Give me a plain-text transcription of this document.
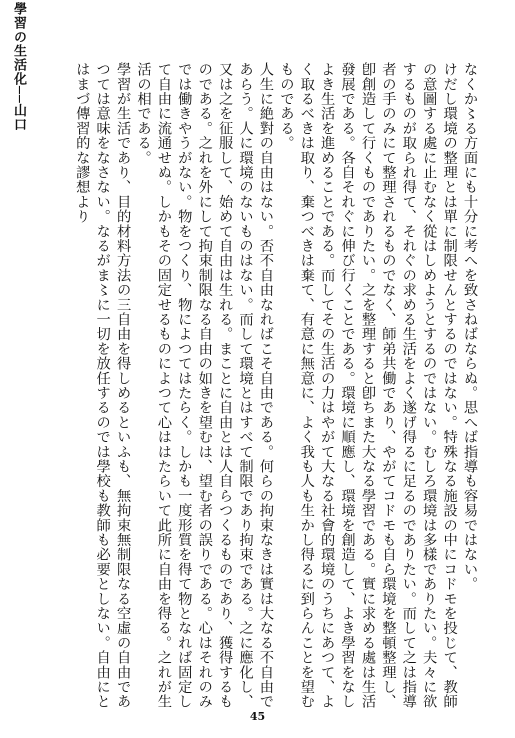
學習の生活化──山口	なくか〻る方面にも十分に考へを致さねばならぬ。思へば指導も容易ではない。

けだし環境の整理とは單に制限せんとするのではない。特殊なる施設の中にコドモを投じて、教師の意圖する處に止むなく從はしめようとするのではない。むしろ環境は多樣でありたい。夫々に欲するものが取られ得て、それぐの求める生活をよく遂げ得るに足るのでありたい。而して之は指導者の手のみにて整理されるものでなく、師弟共働であり、やがてコドモも自ら環境を整頓整理し、卽創造して行くものでありたい。之を整理すると卽ちまた大なる學習である。實に求める處は生活發展である。各自それぐに伸び行くことである。環境に順應し、環境を創造して、よき學習をなしよき生活を進めることである。而してその生活の力はやがて大なる社會的環境のうちにあつて、よく取るべきは取り、棄つべきは棄て、有意に無意に、よく我も人も生かし得るに到らんことを望むものである。

人生に絶對の自由はない。否不自由なればこそ自由である。何らの拘束なきは實は大なる不自由であらう。人に環境のないものはない。而して環境とはすべて制限であり拘束である。之に應化し、又は之を征服して、始めて自由は生れる。まことに自由とは人自らつくるものであり、獲得するものである。之れを外にして拘束制限なる自由の如きを望むは、望む者の誤りである。心はそれのみでは働きやうがない。物をつくり、物によつてはたらく。しかも一度形質を得て物となれば固定して自由に流通せぬ。しかもその固定せるものによつて心ははたらいて此所に自由を得る。之れが生活の相である。

學習が生活であり、目的材料方法の三自由を得しめるといふも、無拘束無制限なる空虛の自由であつては意味をなさない。なるがま〻に一切を放任するのでは學校も教師も必要としない。自由にとはまづ傳習的な謬想より

45
